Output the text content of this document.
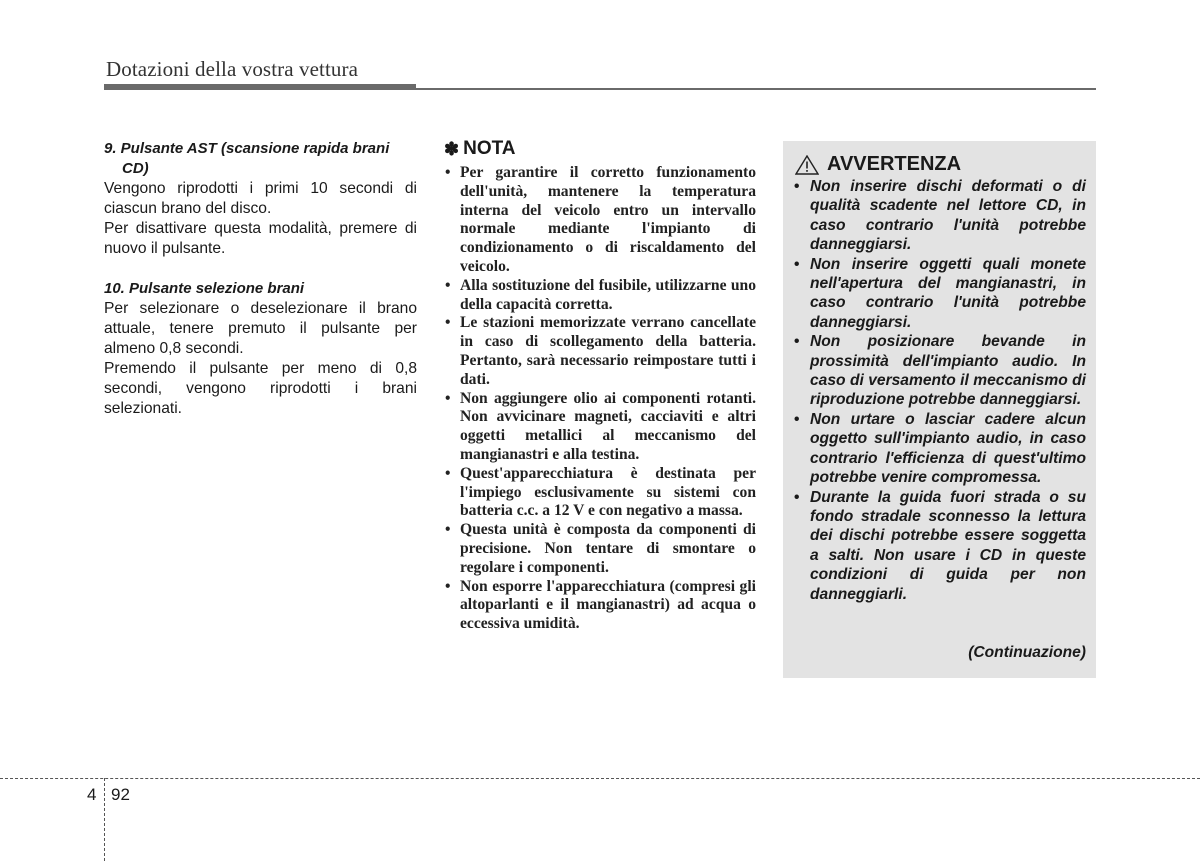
Dotazioni della vostra vettura

9. Pulsante AST (scansione rapida brani CD)

Vengono riprodotti i primi 10 secondi di ciascun brano del disco.

Per disattivare questa modalità, premere di nuovo il pulsante.

10. Pulsante selezione brani

Per selezionare o deselezionare il brano attuale, tenere premuto il pulsante per almeno 0,8 secondi.

Premendo il pulsante per meno di 0,8 secondi, vengono riprodotti i brani selezionati.

✽ NOTA
• Per garantire il corretto funzionamento dell'unità, mantenere la temperatura interna del veicolo entro un intervallo normale mediante l'impianto di condizionamento o di riscaldamento del veicolo.
• Alla sostituzione del fusibile, utilizzarne uno della capacità corretta.
• Le stazioni memorizzate verrano cancellate in caso di scollegamento della batteria. Pertanto, sarà necessario reimpostare tutti i dati.
• Non aggiungere olio ai componenti rotanti. Non avvicinare magneti, cacciaviti e altri oggetti metallici al meccanismo del mangianastri e alla testina.
• Quest'apparecchiatura è destinata per l'impiego esclusivamente su sistemi con batteria c.c. a 12 V e con negativo a massa.
• Questa unità è composta da componenti di precisione. Non tentare di smontare o regolare i componenti.
• Non esporre l'apparecchiatura (compresi gli altoparlanti e il mangianastri) ad acqua o eccessiva umidità.
AVVERTENZA
• Non inserire dischi deformati o di qualità scadente nel lettore CD, in caso contrario l'unità potrebbe danneggiarsi.
• Non inserire oggetti quali monete nell'apertura del mangianastri, in caso contrario l'unità potrebbe danneggiarsi.
• Non posizionare bevande in prossimità dell'impianto audio. In caso di versamento il meccanismo di riproduzione potrebbe danneggiarsi.
• Non urtare o lasciar cadere alcun oggetto sull'impianto audio, in caso contrario l'efficienza di quest'ultimo potrebbe venire compromessa.
• Durante la guida fuori strada o su fondo stradale sconnesso la lettura dei dischi potrebbe essere soggetta a salti. Non usare i CD in queste condizioni di guida per non danneggiarli.
(Continuazione)
4 92
